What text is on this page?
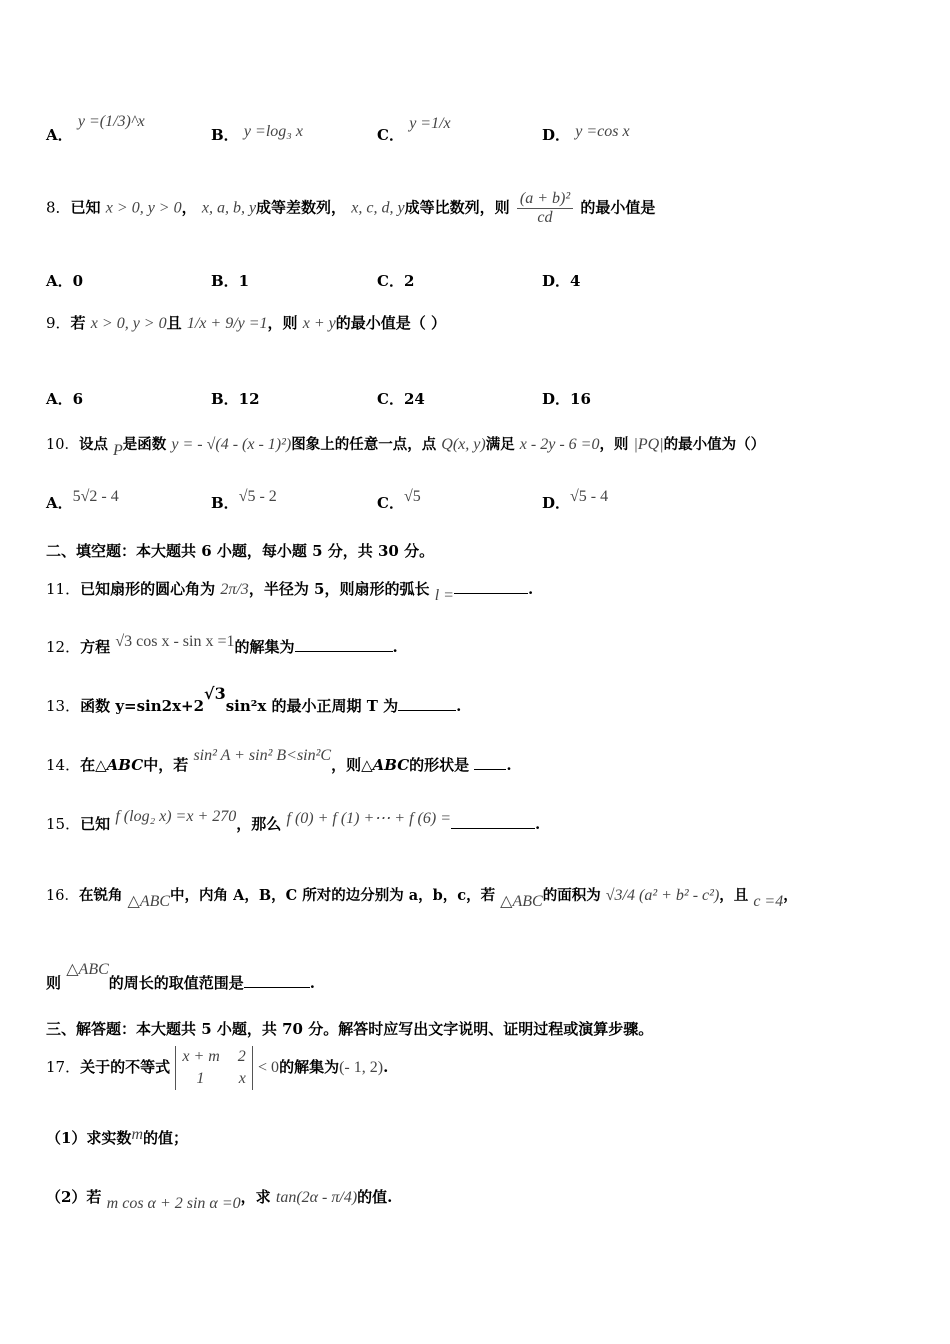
A． y =(1/3)^x
B． y =log₃ x	C． y =1/x
D． y =cos x
8．已知 x > 0, y > 0， x, a, b, y成等差数列， x, c, d, y成等比数列，则 $\frac{\text{(a + b)²}}{cd}$ 的最小值是
A．0	B．1	C．2	D．4
9．若 x > 0, y > 0且 1/x + 9/y =1，则 x + y的最小值是（ ）
A．6	B．12	C．24	D．16
10．设点 P是函数 y = - √(4 - (x - 1)²)图象上的任意一点，点 Q(x, y)满足 x - 2y - 6 =0，则 |PQ|的最小值为（）
A．5√2 - 4	B．√5 - 2	C．√5	D．√5 - 4
二、填空题：本大题共 6 小题，每小题 5 分，共 30 分。
11．已知扇形的圆心角为 2π/3，半径为 5，则扇形的弧长 l =	.
12．方程 √3 cos x - sin x =1的解集为	.
13．函数 y=sin2x+2√3sin²x 的最小正周期 T 为	.
14．在△ABC中，若 sin² A + sin² B<sin²C，则△ABC的形状是 .
15．已知 f (log₂ x) =x + 270，那么 f (0) + f (1) +⋯ + f (6) =	.
16．在锐角 △ABC中，内角 A，B，C 所对的边分别为 a，b，c，若 △ABC的面积为 √3/4 (a² + b² - c²)，且 c =4，
则 △ABC的周长的取值范围是	.
三、解答题：本大题共 5 小题，共 70 分。解答时应写出文字说明、证明过程或演算步骤。
17．关于的不等式
x + m 2
1 x
< 0的解集为(- 1, 2).
（1）求实数m的值；
（2）若 m cos α + 2 sin α =0，求 tan(2α - π/4)的值.
